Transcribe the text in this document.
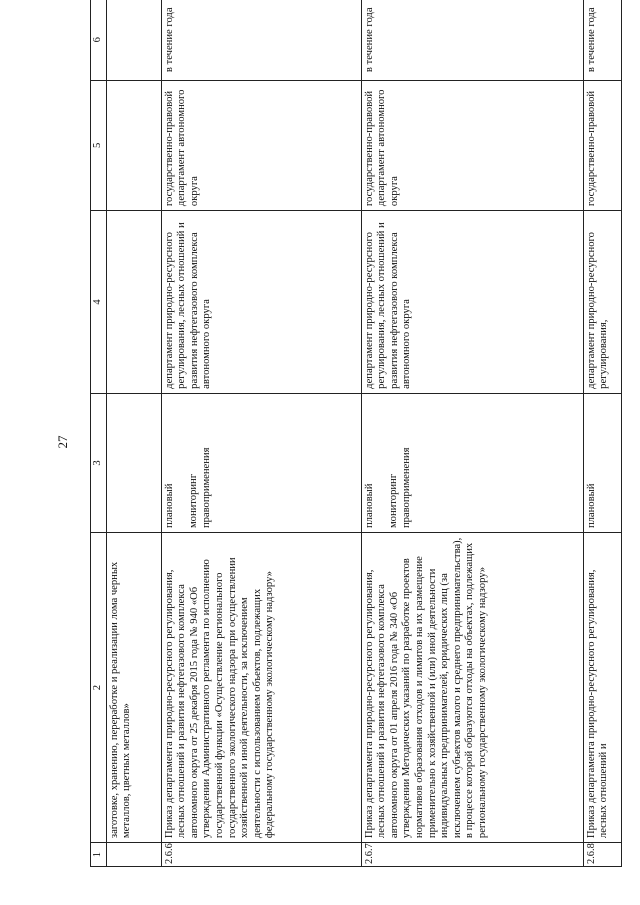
27
1	2	3	4	5	6
	заготовке, хранению, переработке и реализации лома черных металлов, цветных металлов»				
2.6.6	Приказ департамента природно-ресурсного регулирования, лесных отношений и развития нефтегазового комплекса автономного округа от 25 декабря 2015 года № 940 «Об утверждении Административного регламента по исполнению государственной функции «Осуществление регионального государственного экологического надзора при осуществлении хозяйственной и иной деятельности, за исключением деятельности с использованием объектов, подлежащих федеральному государственному экологическому надзору»	плановый мониторинг правоприменения	департамент природно-ресурсного регулирования, лесных отношений и развития нефтегазового комплекса автономного округа	государственно-правовой департамент автономного округа	в течение года
2.6.7	Приказ департамента природно-ресурсного регулирования, лесных отношений и развития нефтегазового комплекса автономного округа от 01 апреля 2016 года № 340 «Об утверждении Методических указаний по разработке проектов нормативов образования отходов и лимитов на их размещение применительно к хозяйственной и (или) иной деятельности индивидуальных предпринимателей, юридических лиц (за исключением субъектов малого и среднего предпринимательства), в процессе которой образуются отходы на объектах, подлежащих региональному государственному экологическому надзору»	плановый мониторинг правоприменения	департамент природно-ресурсного регулирования, лесных отношений и развития нефтегазового комплекса автономного округа	государственно-правовой департамент автономного округа	в течение года
2.6.8	Приказ департамента природно-ресурсного регулирования, лесных отношений и	плановый	департамент природно-ресурсного регулирования,	государственно-правовой	в течение года
